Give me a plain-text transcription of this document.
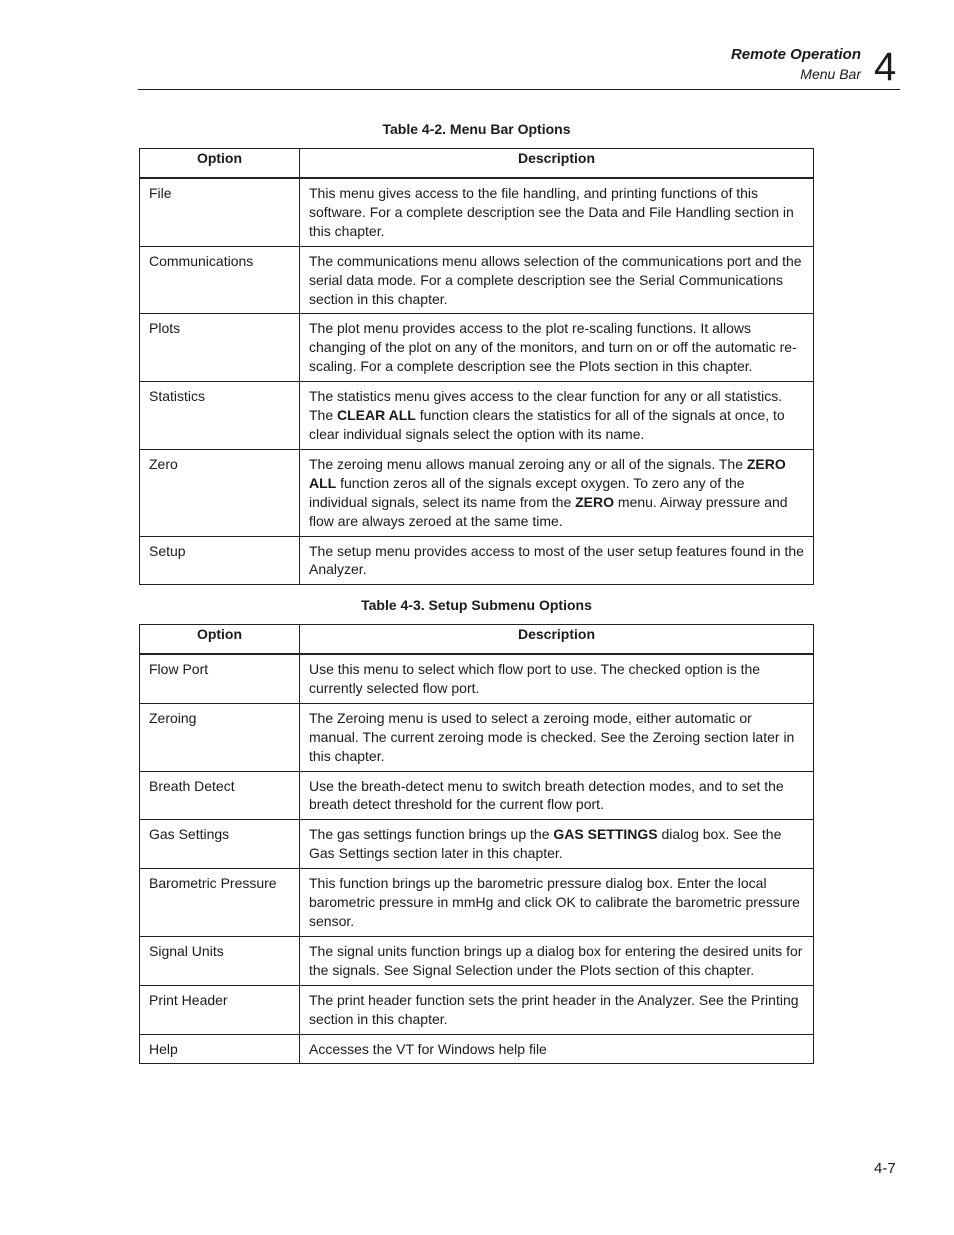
Remote Operation
Menu Bar 4
Table 4-2. Menu Bar Options
Option	Description
File	This menu gives access to the file handling, and printing functions of this software. For a complete description see the Data and File Handling section in this chapter.
Communications	The communications menu allows selection of the communications port and the serial data mode. For a complete description see the Serial Communications section in this chapter.
Plots	The plot menu provides access to the plot re-scaling functions. It allows changing of the plot on any of the monitors, and turn on or off the automatic re-scaling. For a complete description see the Plots section in this chapter.
Statistics	The statistics menu gives access to the clear function for any or all statistics. The CLEAR ALL function clears the statistics for all of the signals at once, to clear individual signals select the option with its name.
Zero	The zeroing menu allows manual zeroing any or all of the signals. The ZERO ALL function zeros all of the signals except oxygen. To zero any of the individual signals, select its name from the ZERO menu. Airway pressure and flow are always zeroed at the same time.
Setup	The setup menu provides access to most of the user setup features found in the Analyzer.
Table 4-3. Setup Submenu Options
Option	Description
Flow Port	Use this menu to select which flow port to use. The checked option is the currently selected flow port.
Zeroing	The Zeroing menu is used to select a zeroing mode, either automatic or manual. The current zeroing mode is checked. See the Zeroing section later in this chapter.
Breath Detect	Use the breath-detect menu to switch breath detection modes, and to set the breath detect threshold for the current flow port.
Gas Settings	The gas settings function brings up the GAS SETTINGS dialog box. See the Gas Settings section later in this chapter.
Barometric Pressure	This function brings up the barometric pressure dialog box. Enter the local barometric pressure in mmHg and click OK to calibrate the barometric pressure sensor.
Signal Units	The signal units function brings up a dialog box for entering the desired units for the signals. See Signal Selection under the Plots section of this chapter.
Print Header	The print header function sets the print header in the Analyzer. See the Printing section in this chapter.
Help	Accesses the VT for Windows help file
4-7
